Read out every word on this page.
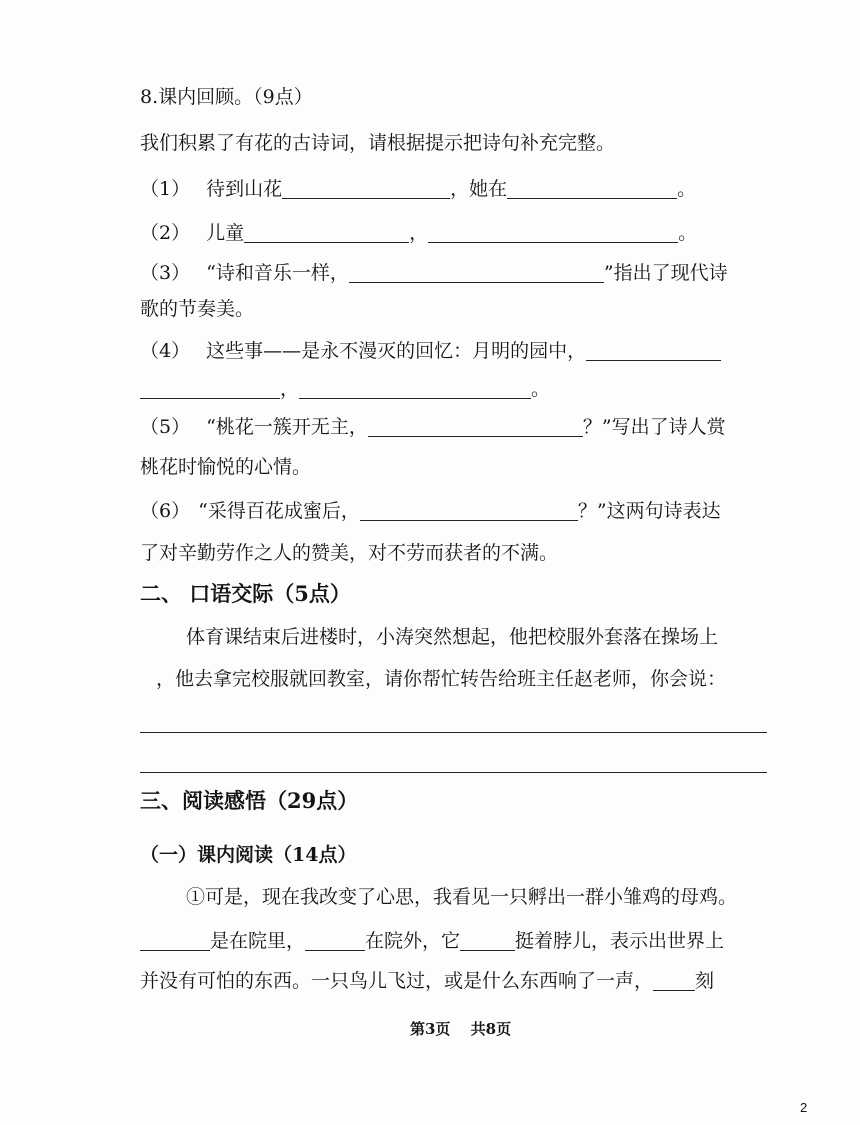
8.课内回顾。（9点）
我们积累了有花的古诗词，请根据提示把诗句补充完整。
（1） 待到山花	，她在	。
（2） 儿童	，	。
（3） “诗和音乐一样，	”指出了现代诗
歌的节奏美。
（4） 这些事——是永不漫灭的回忆：月明的园中，
，	。
（5） “桃花一簇开无主，	？”写出了诗人赏
桃花时愉悦的心情。
（6） “采得百花成蜜后，	？”这两句诗表达
了对辛勤劳作之人的赞美，对不劳而获者的不满。
二、 口语交际（5点）
体育课结束后进楼时，小涛突然想起，他把校服外套落在操场上
，他去拿完校服就回教室，请你帮忙转告给班主任赵老师，你会说：
三、阅读感悟（29点）
（一）课内阅读（14点）
①可是，现在我改变了心思，我看见一只孵出一群小雏鸡的母鸡。
是在院里，	在院外，它	挺着脖儿，表示出世界上
并没有可怕的东西。一只鸟儿飞过，或是什么东西响了一声， 刻
第3页　 共8页
2
